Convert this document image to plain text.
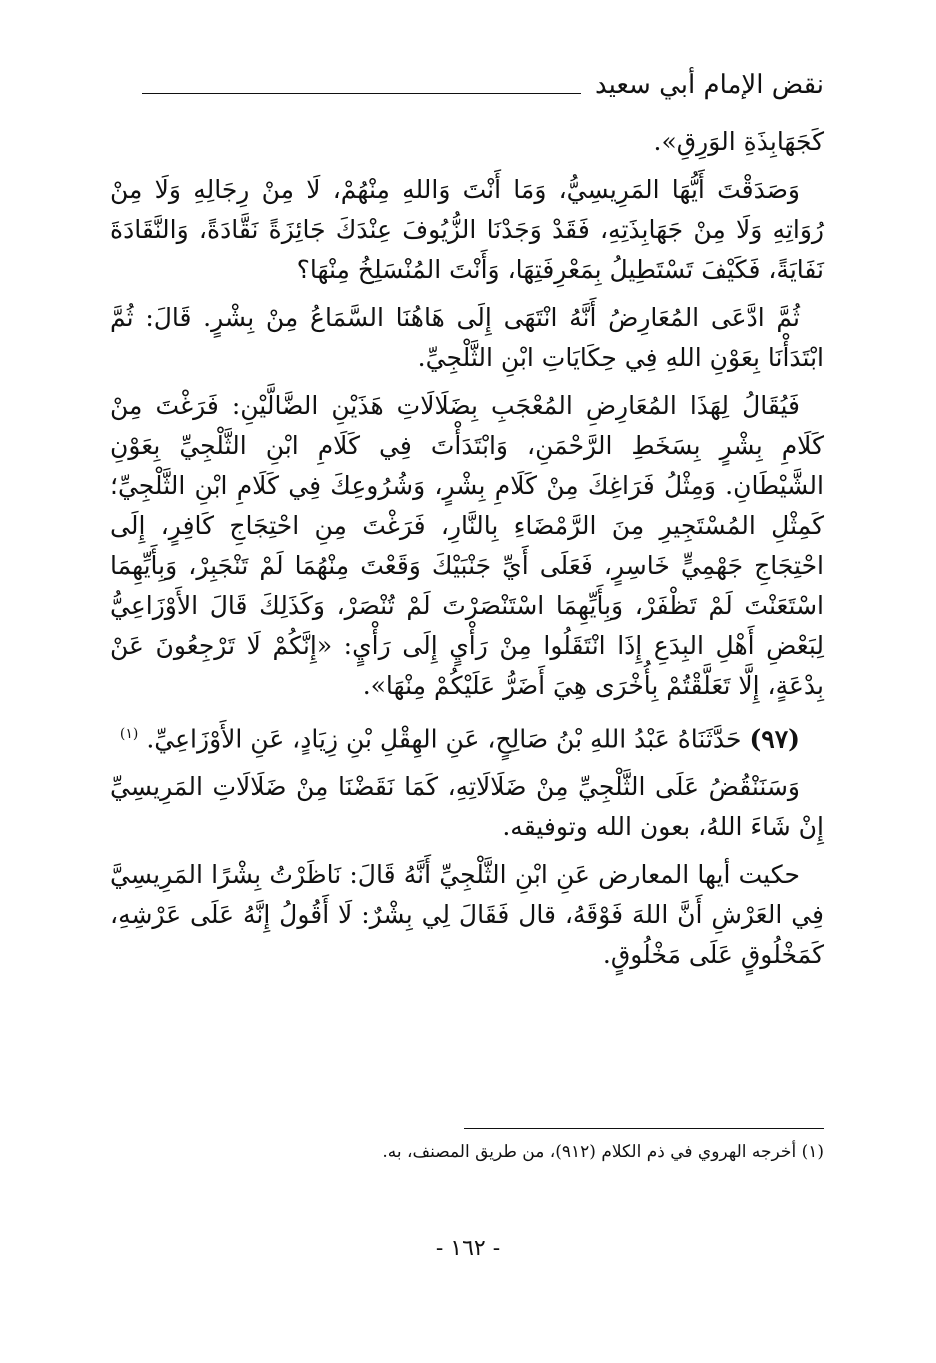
نقض الإمام أبي سعيد

كَجَهَابِذَةِ الوَرِقِ».

وَصَدَقْتَ أَيُّهَا المَرِيسِيُّ، وَمَا أَنْتَ وَاللهِ مِنْهُمْ، لَا مِنْ رِجَالِهِ وَلَا مِنْ رُوَاتِهِ وَلَا مِنْ جَهَابِذَتِهِ، فَقَدْ وَجَدْنَا الزُّيُوفَ عِنْدَكَ جَائِزَةً نَقَّادَةً، وَالنَّقَادَةَ نَفَايَةً، فَكَيْفَ تَسْتَطِيلُ بِمَعْرِفَتِهَا، وَأَنْتَ المُنْسَلِخُ مِنْهَا؟

ثُمَّ ادَّعَى المُعَارِضُ أَنَّهُ انْتَهَى إِلَى هَاهُنَا السَّمَاعُ مِنْ بِشْرٍ. قَالَ: ثُمَّ ابْتَدَأْنَا بِعَوْنِ اللهِ فِي حِكَايَاتِ ابْنِ الثَّلْجِيِّ.

فَيُقَالُ لِهَذَا المُعَارِضِ المُعْجَبِ بِضَلَالَاتِ هَذَيْنِ الضَّالَّيْنِ: فَرَغْتَ مِنْ كَلَامِ بِشْرٍ بِسَخَطِ الرَّحْمَنِ، وَابْتَدَأْتَ فِي كَلَامِ ابْنِ الثَّلْجِيِّ بِعَوْنِ الشَّيْطَانِ. وَمِثْلُ فَرَاغِكَ مِنْ كَلَامِ بِشْرٍ، وَشُرُوعِكَ فِي كَلَامِ ابْنِ الثَّلْجِيِّ؛ كَمِثْلِ المُسْتَجِيرِ مِنَ الرَّمْضَاءِ بِالنَّارِ، فَرَغْتَ مِنِ احْتِجَاجِ كَافِرٍ، إِلَى احْتِجَاجِ جَهْمِيٍّ خَاسِرٍ، فَعَلَى أَيِّ جَنْبَيْكَ وَقَعْتَ مِنْهُمَا لَمْ تَنْجَبِرْ، وَبِأَيِّهِمَا اسْتَعَنْتَ لَمْ تَظْفَرْ، وَبِأَيِّهِمَا اسْتَنْصَرْتَ لَمْ تُنْصَرْ، وَكَذَلِكَ قَالَ الأَوْزَاعِيُّ لِبَعْضِ أَهْلِ البِدَعِ إِذَا انْتَقَلُوا مِنْ رَأْيٍ إِلَى رَأْيٍ: «إِنَّكُمْ لَا تَرْجِعُونَ عَنْ بِدْعَةٍ، إِلَّا تَعَلَّقْتُمْ بِأُخْرَى هِيَ أَضَرُّ عَلَيْكُمْ مِنْهَا».

(٩٧) حَدَّثَنَاهُ عَبْدُ اللهِ بْنُ صَالِحٍ، عَنِ الهِقْلِ بْنِ زِيَادٍ، عَنِ الأَوْزَاعِيِّ. $^{(١)}$

وَسَنَنْقُضُ عَلَى الثَّلْجِيِّ مِنْ ضَلَالَاتِهِ، كَمَا نَقَضْنَا مِنْ ضَلَالَاتِ المَرِيسِيِّ إِنْ شَاءَ اللهُ، بعون الله وتوفيقه.

حكيت أيها المعارض عَنِ ابْنِ الثَّلْجِيِّ أَنَّهُ قَالَ: نَاظَرْتُ بِشْرًا المَرِيسِيَّ فِي العَرْشِ أَنَّ اللهَ فَوْقَهُ، قال فَقَالَ لِي بِشْرٌ: لَا أَقُولُ إِنَّهُ عَلَى عَرْشِهِ، كَمَخْلُوقٍ عَلَى مَخْلُوقٍ.

(١) أخرجه الهروي في ذم الكلام (٩١٢)، من طريق المصنف، به.
- ١٦٢ -
